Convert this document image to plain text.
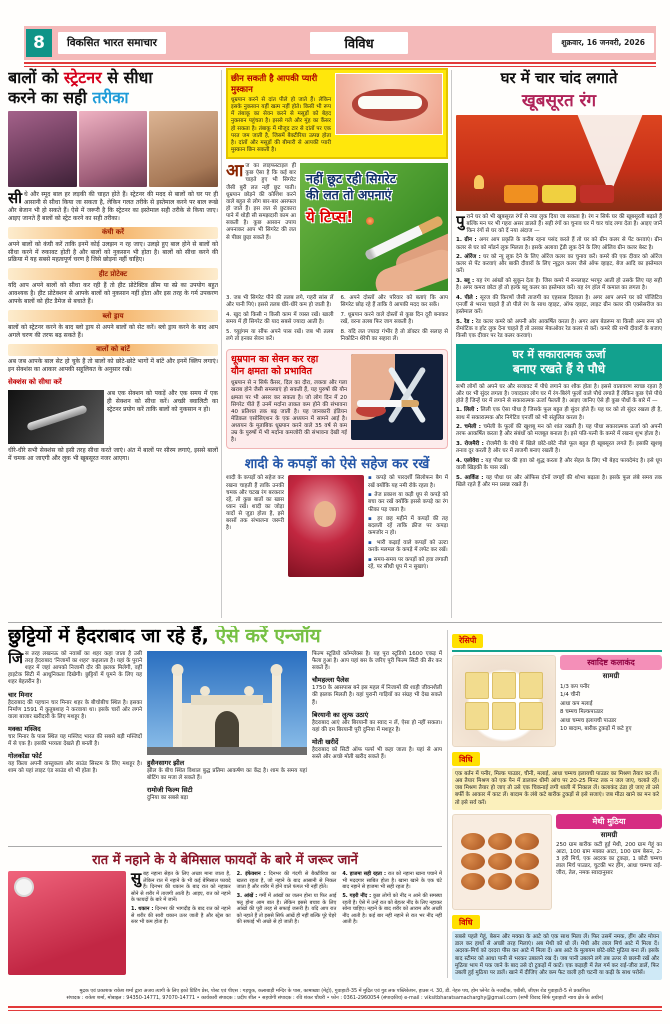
8	विकसित भारत समाचार	विविध	शुक्रवार, 16 जनवरी, 2026
बालों को स्ट्रेटनर से सीधा
करने का सही तरीका

सीधे और स्मूद बाल हर लड़की की चाहत होते हैं। स्ट्रेटनर की मदद से बालों को घर पर ही आसानी से सीधा किया जा सकता है, लेकिन गलत तरीके से इस्तेमाल करने पर बाल रूखे और बेजान भी हो सकते हैं। ऐसे में जरूरी है कि स्ट्रेटनर का इस्तेमाल सही तरीके से किया जाए। आइए जानते हैं बालों को स्ट्रेट करने का सही तरीका।

कंघी करें

अपने बालों को कंघी करें ताकि इनमें कोई उलझन न रह जाए। उलझे हुए बाल होने से बालों को सीधा करने में रुकावट होती है और बालों को नुकसान भी होता है। बालों को सीधा करने की प्रक्रिया में यह सबसे महत्वपूर्ण चरण है जिसे छोड़ना नहीं चाहिए।

हीट प्रोटेक्ट

यदि आप अपने बालों को सीधा कर रही हैं तो हीट प्रोटेक्टिव क्रीम या स्प्रे का उपयोग बहुत आवश्यक है। हीट प्रोटेक्शन से आपके बालों को नुकसान नहीं होता और इस तरह के गर्म उपकरण आपके बालों को हीट डैमेज से बचाते हैं।

ब्लो ड्राय

बालों को स्ट्रेटनर करने के बाद ब्लो ड्राय से अपने बालों को सेट करें। ब्लो ड्राय करने के बाद आप अगले चरण की तरफ बढ़ सकते हैं।

बालों को बांटें

अब जब आपके बाल सेट हो चुके हैं तो बालों को छोटे-छोटे भागों में बांटें और इनमें क्लिप लगाएं। इन सेक्शंस का आकार आपकी सहूलियत के अनुसार रखें।

सेक्शंस को सीधा करें

अब एक सेक्शन को पकड़ें और एक समय में एक ही सेक्शन को सीधा करें। अच्छी क्वालिटी का स्ट्रेटनर प्रयोग करें ताकि बालों को नुकसान न हो।

धीरे-धीरे सभी सेक्शंस को इसी तरह सीधा करते जाएं। अंत में बालों पर सीरम लगाएं, इससे बालों में चमक आ जाएगी और लुक भी खूबसूरत नजर आएगा।

छीन सकती है आपकी प्यारी मुस्कान

धूम्रपान करने से दांत पीले हो जाते हैं। लेकिन इसके नुकसान यहीं खत्म नहीं होते। किसी भी रूप में तंबाकू का सेवन करने से मसूड़ों को बेहद नुकसान पहुंचता है। इससे गले और मुंह का कैंसर हो सकता है। तंबाकू में मौजूद टार से दांतों पर एक परत जम जाती है, जिसमें बैक्टीरिया उत्पन्न होता है। दांतों और मसूड़ों की बीमारी से आपकी प्यारी मुस्कान छिन सकती है।

आज का लाइफस्टाइल ही कुछ ऐसा है कि कई बार चाहते हुए भी सिगरेट जैसी बुरी लत नहीं छूट पाती। धूम्रपान छोड़ने की कोशिश करने वाले बहुत से लोग बार-बार असफल हो जाते हैं। इस लत से छुटकारा पाने में थोड़ी सी समझदारी काम आ सकती है। कुछ आसान उपाय अपनाकर आप भी सिगरेट की लत से पीछा छुड़ा सकते हैं।

नहीं छूट रही सिगरेट
की लत तो अपनाएं
ये टिप्स!

3. जब भी सिगरेट पीने की तलब लगे, गहरी सांस लें और पानी पिएं। इससे तलब धीरे-धीरे कम हो जाती है।

4. खुद को किसी न किसी काम में व्यस्त रखें। खाली समय में ही सिगरेट की याद सबसे ज्यादा आती है।

5. च्युइंगम या सौंफ अपने पास रखें। जब भी तलब लगे तो इनका सेवन करें।

6. अपने दोस्तों और परिवार को बताएं कि आप सिगरेट छोड़ रहे हैं ताकि वे आपकी मदद कर सकें।

7. धूम्रपान करने वाले दोस्तों से कुछ दिन दूरी बनाकर रखें, वरना तलब फिर जाग सकती है।

8. यदि लत ज्यादा गंभीर है तो डॉक्टर की सलाह से निकोटिन थेरेपी का सहारा लें।

धूम्रपान का सेवन कर रहा
यौन क्षमता को प्रभावित

धूम्रपान से न सिर्फ कैंसर, दिल का दौरा, लकवा और गला खराब होने जैसी समस्याएं हो सकती हैं, यह पुरुषों की यौन क्षमता पर भी असर कर सकता है। जो लोग दिन में 20 सिगरेट पीते हैं उनमें मर्दाना ताकत कम होने की संभावना 40 प्रतिशत तक बढ़ जाती है। यह जानकारी इंडियन मेडिकल एसोसिएशन के एक अध्ययन में सामने आई है। अध्ययन के मुताबिक धूम्रपान करने वाले 35 वर्ष से कम उम्र के पुरुषों में भी मर्दाना कमजोरी की संभावना देखी गई है।

शादी के कपड़ों को ऐसे सहेज कर रखें

शादी के कपड़ों को सहेज कर रखना चाहती हैं ताकि उनकी चमक और चटख रंग बरकरार रहें, तो कुछ बातों का खास ध्यान रखें। शादी का जोड़ा यादों से जुड़ा होता है, इसे बरसों तक संभालना जरूरी है।

▪ कपड़े को पारदर्शी सिलोफन बैग में रखें क्योंकि यह नमी रोके रहता है।

▪ तेज प्रकाश या कड़ी धूप से कपड़े को बचा कर रखें क्योंकि इससे कपड़े का रंग फीका पड़ जाता है।

▪ हर छह महीने में कपड़ों की तह बदलती रहें ताकि क्रीज पर कपड़ा कमजोर न हो।

▪ भारी कढ़ाई वाले कपड़ों को उल्टा करके मलमल के कपड़े में लपेट कर रखें।

▪ समय-समय पर कपड़ों को हवा लगाती रहें, पर सीधी धूप में न सुखाएं।

घर में चार चांद लगाते
खूबसूरत रंग

पुराने घर को भी खूबसूरत रंगों से नया लुक दिया जा सकता है। रंग न सिर्फ घर की खूबसूरती बढ़ाते हैं बल्कि मन पर भी गहरा असर डालते हैं। सही रंगों का चुनाव घर में चार चांद लगा देता है। आइए जानें किन रंगों से घर को दें नया अंदाज —

1. ग्रीन : अगर आप प्रकृति के करीब रहना पसंद करते हैं तो घर को ग्रीन कलर से पेंट करवाएं। ग्रीन कलर से घर को मॉडर्न लुक मिलता है। इसके अलावा ट्रेंडी लुक देने के लिए ऑलिव ग्रीन कलर बेस्ट है।

2. ऑरेंज : घर को न्यू लुक देने के लिए ऑरेंज कलर का चुनाव करें। कमरे की एक दीवार को ऑरेंज कलर से पेंट करवाएं और बाकी दीवारों के लिए न्यूट्रल कलर जैसे ऑफ व्हाइट, बेज आदि का इस्तेमाल करें।

3. ब्लू : यह रंग आंखों को सुकून देता है। जिस कमरे में सनलाइट भरपूर आती हो उसके लिए यह सही है। अगर कमरा छोटा हो तो हल्के ब्लू कलर का इस्तेमाल करें। यह रंग हॉल में कमाल का लगता है।

4. पीले : सूरज की किरणों जैसी ताजगी का एहसास दिलाता है। अगर आप अपने घर को पॉजिटिव एनर्जी से भरना चाहते हैं तो पीले रंग के साथ व्हाइट, ऑफ व्हाइट, लाइट ग्रीन कलर की एक्सेसरीज का इस्तेमाल करें।

5. रेड : रेड कलर कमरे को अपनी ओर आकर्षित करता है। अगर आप बेडरूम या किसी अन्य रूम को रोमांटिक व हॉट लुक देना चाहते हैं तो उसका मेकओवर रेड कलर से करें। कमरे की सभी दीवारों के बजाए किसी एक दीवार पर रेड कलर करवाएं।

घर में सकारात्मक ऊर्जा
बनाए रखते हैं ये पौधे

सभी लोगों को अपने घर और सजावट में पौधे लगाने का शौक होता है। इससे वातावरण स्वच्छ रहता है और घर भी सुंदर लगता है। ज्यादातर लोग घर में रंग-बिरंगे फूलों वाले पौधे लगाते हैं लेकिन कुछ ऐसे पौधे होते हैं जिन्हें घर में लगाने से सकारात्मक ऊर्जा फैलती है। आइए जानिए ऐसे ही कुछ पौधों के बारे में —

1. लिली : लिली एक ऐसा पौधा है जिसके फूल बहुत ही सुंदर होते हैं। यह घर को तो सुंदर रखता ही है, साथ में सकारात्मक और निगेटिव एनर्जी को भी संतुलित करता है।

2. चमेली : चमेली के फूलों की खुशबू मन को शांत रखती है। यह पौधा सकारात्मक ऊर्जा को अपनी तरफ आकर्षित करता है और संबंधों को मजबूत बनाता है। इसे पति-पत्नी के कमरे में रखना शुभ होता है।

3. रोजमैरी : रोजमैरी के पौधे में खिले छोटे-छोटे नीले फूल बहुत ही खूबसूरत लगते हैं। इसकी खुशबू तनाव दूर करती है और घर में ताजगी बनाए रखती है।

4. एलोवेरा : यह पौधा घर की हवा को शुद्ध करता है और सेहत के लिए भी बेहद फायदेमंद है। इसे धूप वाली खिड़की के पास रखें।

5. आर्किड : यह पौधा घर और ऑफिस दोनों जगहों की शोभा बढ़ाता है। इसके फूल लंबे समय तक खिले रहते हैं और मन प्रसन्न रखते हैं।

छुट्टियों में हैदराबाद जा रहे हैं, ऐसे करें एन्जॉय

जिस तरह लखनऊ को नवाबों का शहर कहा जाता है उसी तरह हैदराबाद 'निजामों का शहर' कहलाता है। यहां के पुराने शहर में जहां आपको निजामी दौर की झलक मिलेगी, वहीं हाइटेक सिटी में आधुनिकता दिखेगी। छुट्टियों में घूमने के लिए यह शहर बेहतरीन है।

चार मिनार

हैदराबाद की पहचान चार मिनार शहर के बीचोबीच स्थित है। इसका निर्माण 1591 में कुतुबशाह ने करवाया था। इसके चारों ओर लगने वाला बाजार खरीदारी के लिए मशहूर है।

मक्का मस्जिद

चार मिनार के पास स्थित यह मस्जिद भारत की सबसे बड़ी मस्जिदों में से एक है। इसकी भव्यता देखते ही बनती है।

गोलकोंडा फोर्ट

यह किला अपनी वास्तुकला और साउंड सिस्टम के लिए मशहूर है। शाम को यहां लाइट एंड साउंड शो भी होता है।

हुसैनसागर झील

झील के बीच स्थित विशाल बुद्ध प्रतिमा आकर्षण का केंद्र है। शाम के समय यहां बोटिंग का मजा ले सकते हैं।

रामोजी फिल्म सिटी

दुनिया का सबसे बड़ा

फिल्म स्टूडियो कॉम्प्लेक्स है। यह पूरा स्टूडियो 1600 एकड़ में फैला हुआ है। आप यहां बस के जरिए पूरी फिल्म सिटी की सैर कर सकते हैं।

चौमहल्ला पैलेस

1750 के आसपास बने इस महल में निजामों की शाही जीवनशैली की झलक मिलती है। यहां पुरानी गाड़ियों का संग्रह भी देख सकते हैं।

बिरयानी का लुत्फ उठाएं

हैदराबाद आएं और बिरयानी का स्वाद न लें, ऐसा हो नहीं सकता। यहां की दम बिरयानी पूरी दुनिया में मशहूर है।

मोती खरीदें

हैदराबाद को सिटी ऑफ पर्ल्स भी कहा जाता है। यहां से आप सस्ते और अच्छे मोती खरीद सकते हैं।

रेसिपी
स्वादिष्ट कलाकंद
सामग्री
1/3 कप पनीर
1/4 चीनी
आधा कप मलाई
8 चम्मच मिल्कपाउडर
आधा चम्मच इलायची पाउडर
10 बादाम, बारीक टुकड़ों में कटे हुए
विधि

एक बर्तन में पनीर, मिल्क पाउडर, चीनी, मलाई, आधा चम्मच इलायची पाउडर का मिश्रण तैयार कर लें। अब तैयार मिश्रण को एक पैन में डालकर धीमी आंच पर 20-25 मिनट तक न जल जाए, चलाते रहें। जब मिश्रण तैयार हो जाए तो उसे एक चिकनाई लगी थाली में निकाल लें। कलाकंद ठंडा हो जाए तो उसे बर्फी के आकार में काट लें। बादाम के लंबे कटे बारीक टुकड़ों से इसे सजाएं। जब मीठा खाने का मन करे तो इसे सर्व करें।

मेथी मुठिया
सामग्री

250 ग्राम बारीक कटी हुई मेथी, 200 ग्राम गेहूं का आटा, 100 ग्राम मक्का आटा, 100 ग्राम बेसन, 2-3 हरी मिर्च, एक अदरक का टुकड़ा, 1 छोटी चम्मच लाल मिर्च पाउडर, चुटकी भर हींग, आधा चम्मच राई-जीरा, तेल, नमक स्वादानुसार

विधि

सबसे पहले गेहूं, बेसन और मक्का के आटे को एक साथ मिला लें। फिर उसमें नमक, हींग और मोयन डाल कर हाथों से अच्छी तरह मिलाएं। अब मेथी को धो लें। मेथी और लाल मिर्च आटे में मिला दें। अदरक-मिर्च को दरदरा पीस कर आटे में मिला दें। अब आटे के मुलायम छोटे-छोटे मुठिया बना लें। इसके बाद स्टीमर को आधा पानी से भरकर उबालने रख दें। जब पानी उबलने लगे तब ऊपर से छलनी रखें और मुठिया भाप में पक जाने के बाद उसे दो टुकड़ों में काटें। एक कड़ाही में तेल गर्म कर राई-जीरा डालें, फिर उबली हुई मुठिया पर डालें। खाने में दीजिए और कम फैट वाली हरी चटनी या कढ़ी के साथ परोसें।

रात में नहाने के ये बेमिसाल फायदों के बारे में जरूर जानें

सुबह नहाना सेहत के लिए अच्छा माना जाता है, लेकिन रात में नहाने के भी कई बेमिसाल फायदे हैं। दिनभर की थकान के बाद रात को नहाकर सोने से शरीर में ताजगी आती है। आइए, रात को नहाने के फायदों के बारे में जानें।

1. थकान : दिनभर की भागदौड़ के बाद रात को नहाने से शरीर की सारी थकान उतर जाती है और स्ट्रेस का स्तर भी कम होता है।

2. इंफेक्शन : दिनभर की गंदगी से बैक्टीरिया का खतरा रहता है, जो नहाने के बाद आसानी से निकल जाता है और शरीर में होने वाले फंगल भी नहीं होते।

3. आंखें : गर्मी में आंखों का जलन होना या फिर आई फ्लू होना आम बात है। लेकिन इससे बचाव के लिए आंखों की पूरी तरह से सफाई जरूरी है। यदि आप रात को नहाते हैं तो इससे सिर्फ आंखें ही नहीं बल्कि पूरे चेहरे की सफाई भी अच्छे से हो जाती है।

4. हाजमा सही रहता : रात को नहाना खाना पचाने में भी मददगार साबित होता है। खाना खाने के एक घंटे बाद नहाने से हाजमा भी सही रहता है।

5. गहरी नींद : कुछ लोगों को नींद न आने की समस्या रहती है। ऐसे में उन्हें रात को बेहतर नींद के लिए नहाकर सोना चाहिए। नहाने के बाद शरीर को आराम और अच्छी नींद आती है। कई बार नहीं नहाने से रात भर नींद नहीं आती है।

मुद्रक एवं प्रकाशक राकेश शर्मा द्वारा अजय त्यागी के लिए इको प्रिंटिंग प्रेस, पोस्ट एवं पीएस : गड़चुक, कलाबाड़ी मन्दिर के पास, कामाख्या (मेट्रो), गुवाहाटी-35 में मुद्रित एवं गुड लक पब्लिकेशन, हाउस नं. 30, डी. नेहरु पथ, होम प्लेनेट के नजदीक, एबीसी, जीएस रोड गुवाहाटी-5 से प्रकाशित।
संपादक : राकेश शर्मा, मोबाइल : 94350-14771, 97070-14771 • कार्यकारी संपादक : प्रदीप शील • सहयोगी संपादक : रवि शंकर चौधरी • फोन : 0361-2960054 (संपादकीय) e-mail : viksitbharatsamacharghy@gmail.com (सभी विवाद सिर्फ गुवाहाटी न्याय क्षेत्र के अधीन)
